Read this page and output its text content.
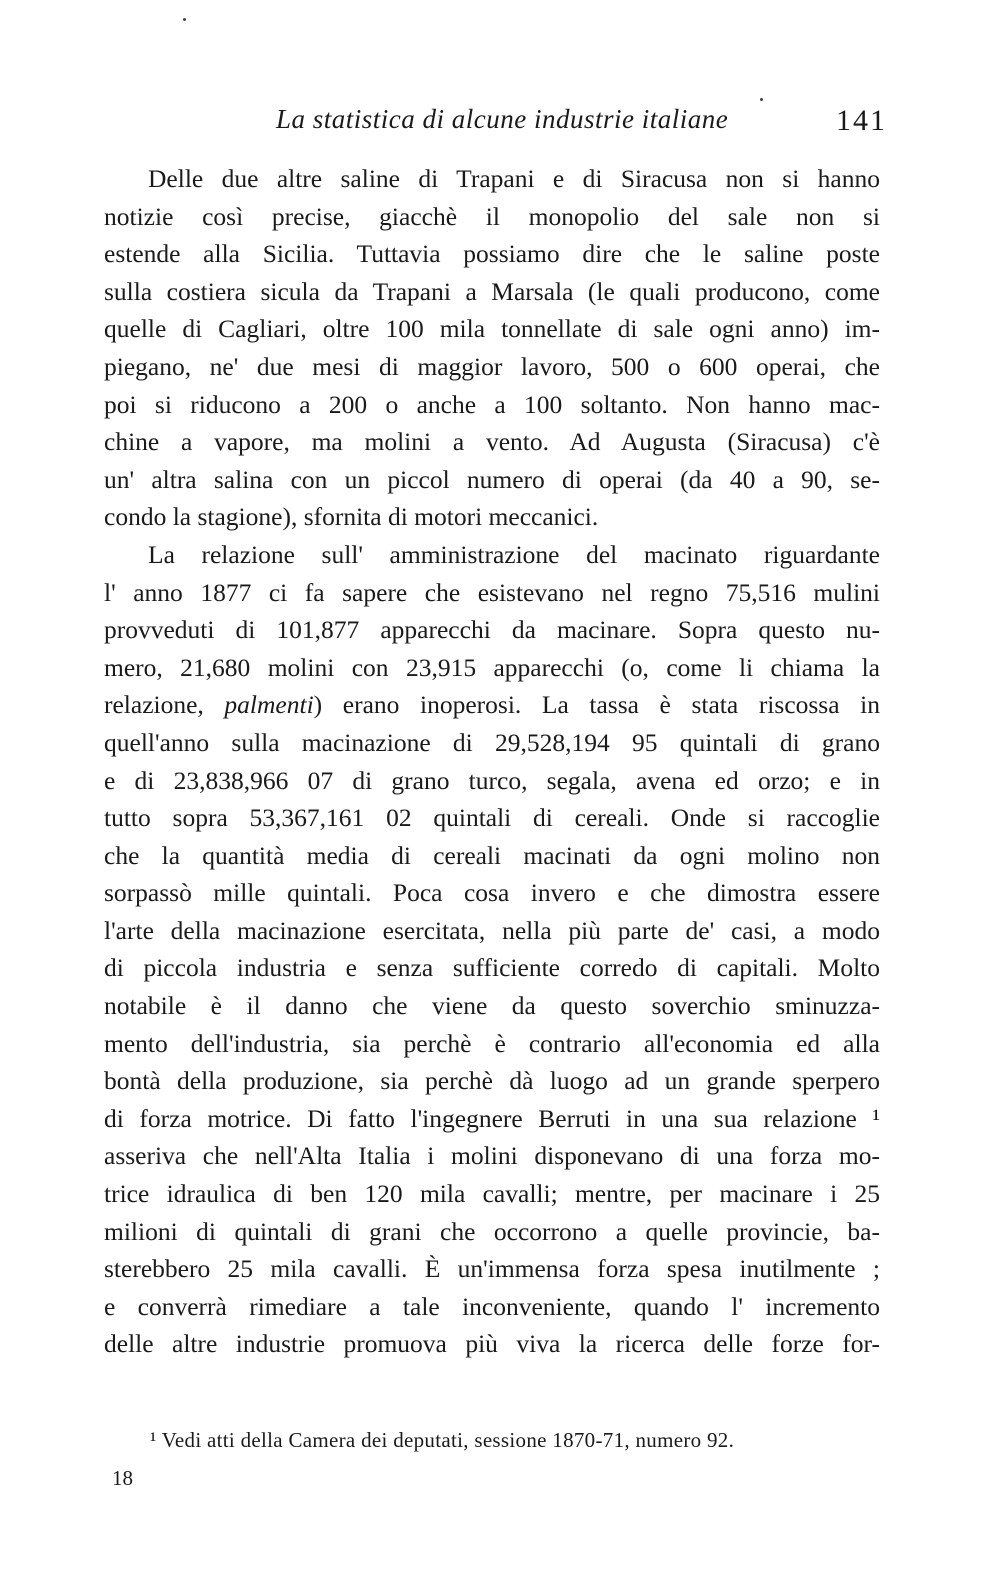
La statistica di alcune industrie italiane	141
Delle due altre saline di Trapani e di Siracusa non si hanno
notizie così precise, giacchè il monopolio del sale non si
estende alla Sicilia. Tuttavia possiamo dire che le saline poste
sulla costiera sicula da Trapani a Marsala (le quali producono, come
quelle di Cagliari, oltre 100 mila tonnellate di sale ogni anno) im-
piegano, ne' due mesi di maggior lavoro, 500 o 600 operai, che
poi si riducono a 200 o anche a 100 soltanto. Non hanno mac-
chine a vapore, ma molini a vento. Ad Augusta (Siracusa) c'è
un' altra salina con un piccol numero di operai (da 40 a 90, se-
condo la stagione), sfornita di motori meccanici.
La relazione sull' amministrazione del macinato riguardante
l' anno 1877 ci fa sapere che esistevano nel regno 75,516 mulini
provveduti di 101,877 apparecchi da macinare. Sopra questo nu-
mero, 21,680 molini con 23,915 apparecchi (o, come li chiama la
relazione, palmenti) erano inoperosi. La tassa è stata riscossa in
quell'anno sulla macinazione di 29,528,194 95 quintali di grano
e di 23,838,966 07 di grano turco, segala, avena ed orzo; e in
tutto sopra 53,367,161 02 quintali di cereali. Onde si raccoglie
che la quantità media di cereali macinati da ogni molino non
sorpassò mille quintali. Poca cosa invero e che dimostra essere
l'arte della macinazione esercitata, nella più parte de' casi, a modo
di piccola industria e senza sufficiente corredo di capitali. Molto
notabile è il danno che viene da questo soverchio sminuzza-
mento dell'industria, sia perchè è contrario all'economia ed alla
bontà della produzione, sia perchè dà luogo ad un grande sperpero
di forza motrice. Di fatto l'ingegnere Berruti in una sua relazione ¹
asseriva che nell'Alta Italia i molini disponevano di una forza mo-
trice idraulica di ben 120 mila cavalli; mentre, per macinare i 25
milioni di quintali di grani che occorrono a quelle provincie, ba-
sterebbero 25 mila cavalli. È un'immensa forza spesa inutilmente ;
e converrà rimediare a tale inconveniente, quando l' incremento
delle altre industrie promuova più viva la ricerca delle forze for-
¹ Vedi atti della Camera dei deputati, sessione 1870-71, numero 92.
18
